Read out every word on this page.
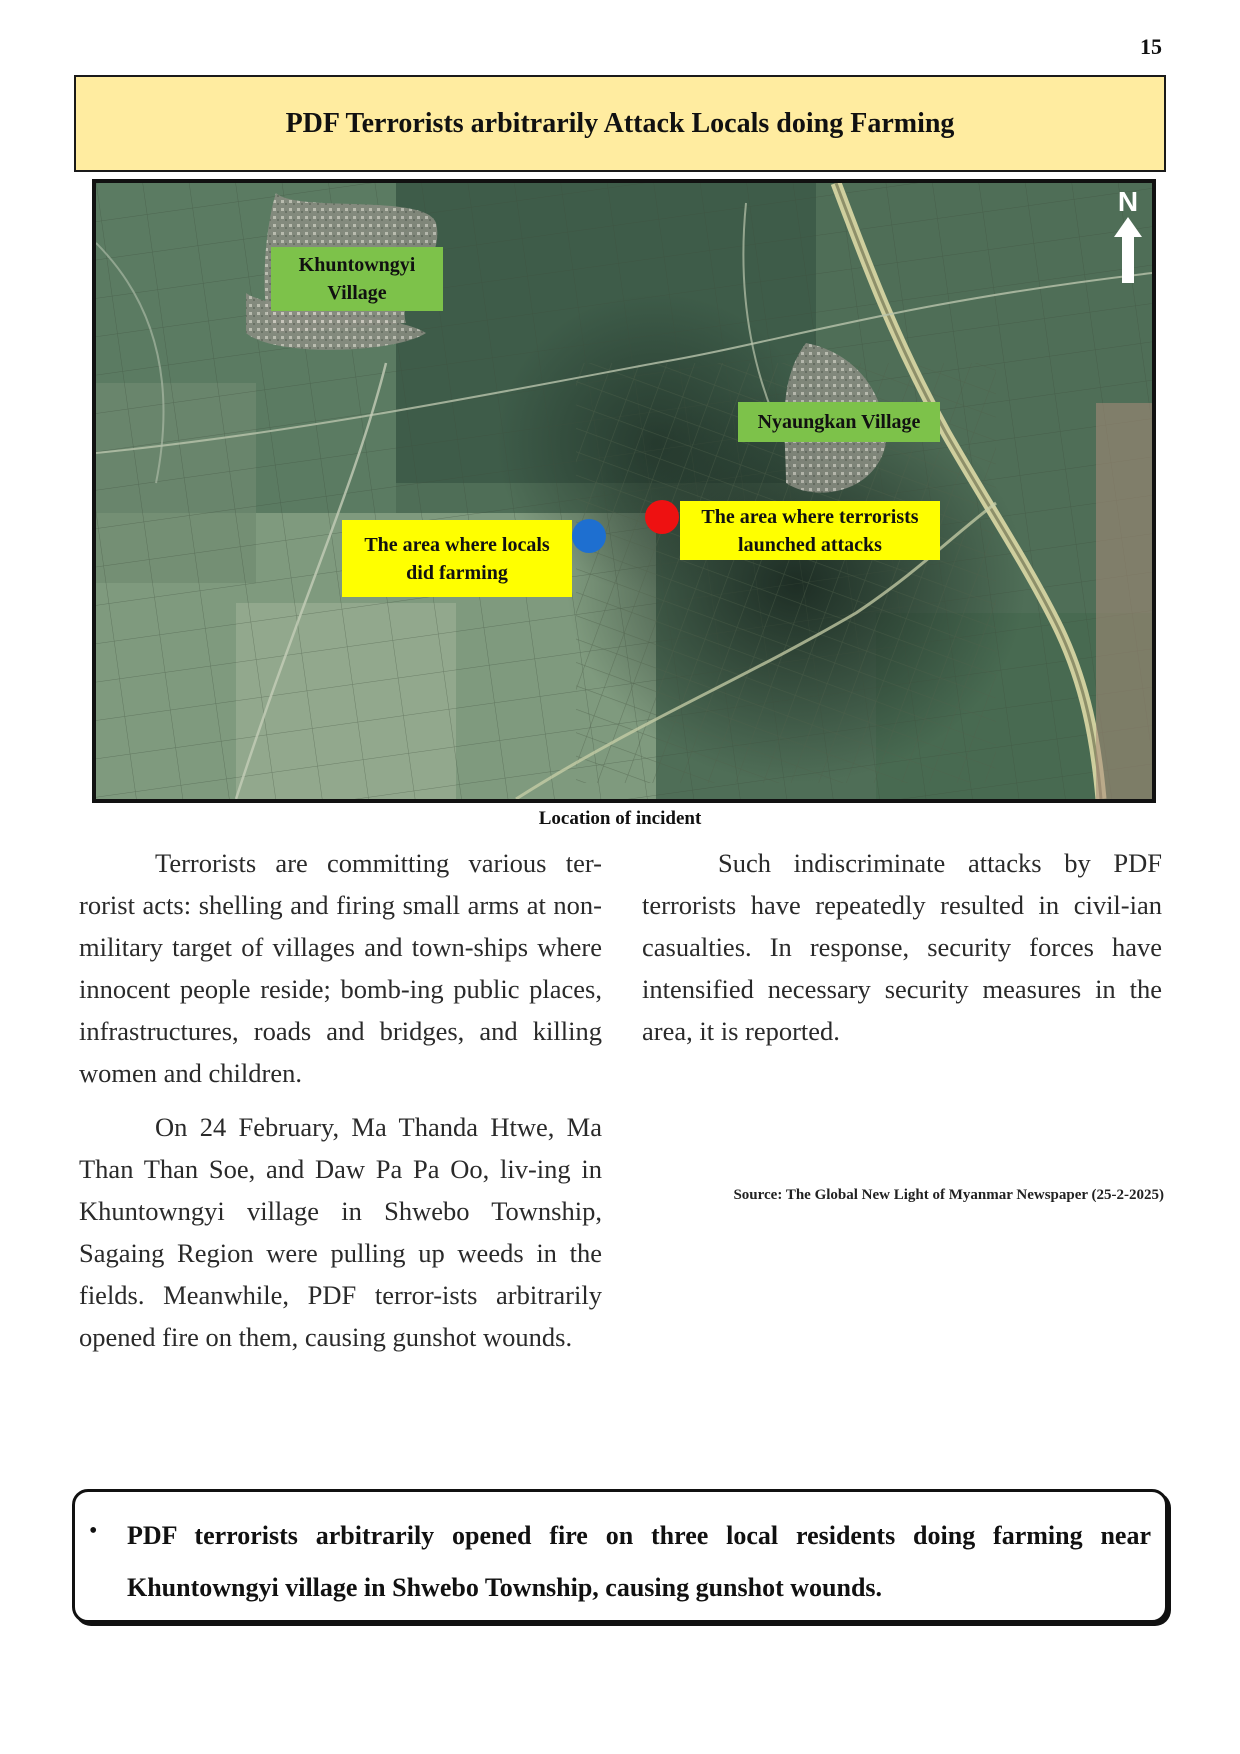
15
PDF Terrorists arbitrarily Attack Locals doing Farming
Khuntowngyi Village
Nyaungkan Village
The area where locals did farming
The area where terrorists launched attacks
N
Location of incident

Terrorists are committing various ter-rorist acts: shelling and firing small arms at non-military target of villages and town-ships where innocent people reside; bomb-ing public places, infrastructures, roads and bridges, and killing women and children.

On 24 February, Ma Thanda Htwe, Ma Than Than Soe, and Daw Pa Pa Oo, liv-ing in Khuntowngyi village in Shwebo Township, Sagaing Region were pulling up weeds in the fields. Meanwhile, PDF terror-ists arbitrarily opened fire on them, causing gunshot wounds.

Such indiscriminate attacks by PDF terrorists have repeatedly resulted in civil-ian casualties. In response, security forces have intensified necessary security measures in the area, it is reported.

Source: The Global New Light of Myanmar Newspaper (25-2-2025)
• PDF terrorists arbitrarily opened fire on three local residents doing farming near Khuntowngyi village in Shwebo Township, causing gunshot wounds.
